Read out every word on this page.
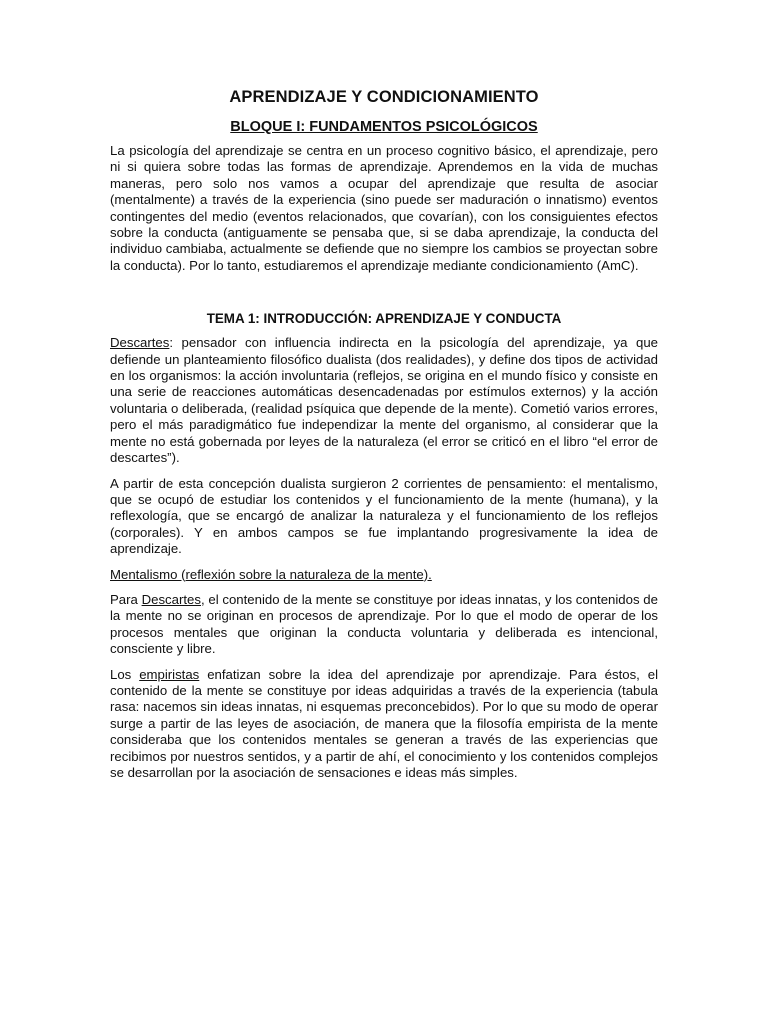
APRENDIZAJE Y CONDICIONAMIENTO
BLOQUE I: FUNDAMENTOS PSICOLÓGICOS

La psicología del aprendizaje se centra en un proceso cognitivo básico, el aprendizaje, pero ni si quiera sobre todas las formas de aprendizaje. Aprendemos en la vida de muchas maneras, pero solo nos vamos a ocupar del aprendizaje que resulta de asociar (mentalmente) a través de la experiencia (sino puede ser maduración o innatismo) eventos contingentes del medio (eventos relacionados, que covarían), con los consiguientes efectos sobre la conducta (antiguamente se pensaba que, si se daba aprendizaje, la conducta del individuo cambiaba, actualmente se defiende que no siempre los cambios se proyectan sobre la conducta). Por lo tanto, estudiaremos el aprendizaje mediante condicionamiento (AmC).

TEMA 1: INTRODUCCIÓN: APRENDIZAJE Y CONDUCTA

Descartes: pensador con influencia indirecta en la psicología del aprendizaje, ya que defiende un planteamiento filosófico dualista (dos realidades), y define dos tipos de actividad en los organismos: la acción involuntaria (reflejos, se origina en el mundo físico y consiste en una serie de reacciones automáticas desencadenadas por estímulos externos) y la acción voluntaria o deliberada, (realidad psíquica que depende de la mente). Cometió varios errores, pero el más paradigmático fue independizar la mente del organismo, al considerar que la mente no está gobernada por leyes de la naturaleza (el error se criticó en el libro “el error de descartes”).

A partir de esta concepción dualista surgieron 2 corrientes de pensamiento: el mentalismo, que se ocupó de estudiar los contenidos y el funcionamiento de la mente (humana), y la reflexología, que se encargó de analizar la naturaleza y el funcionamiento de los reflejos (corporales). Y en ambos campos se fue implantando progresivamente la idea de aprendizaje.

Mentalismo (reflexión sobre la naturaleza de la mente).

Para Descartes, el contenido de la mente se constituye por ideas innatas, y los contenidos de la mente no se originan en procesos de aprendizaje. Por lo que el modo de operar de los procesos mentales que originan la conducta voluntaria y deliberada es intencional, consciente y libre.

Los empiristas enfatizan sobre la idea del aprendizaje por aprendizaje. Para éstos, el contenido de la mente se constituye por ideas adquiridas a través de la experiencia (tabula rasa: nacemos sin ideas innatas, ni esquemas preconcebidos). Por lo que su modo de operar surge a partir de las leyes de asociación, de manera que la filosofía empirista de la mente consideraba que los contenidos mentales se generan a través de las experiencias que recibimos por nuestros sentidos, y a partir de ahí, el conocimiento y los contenidos complejos se desarrollan por la asociación de sensaciones e ideas más simples.
